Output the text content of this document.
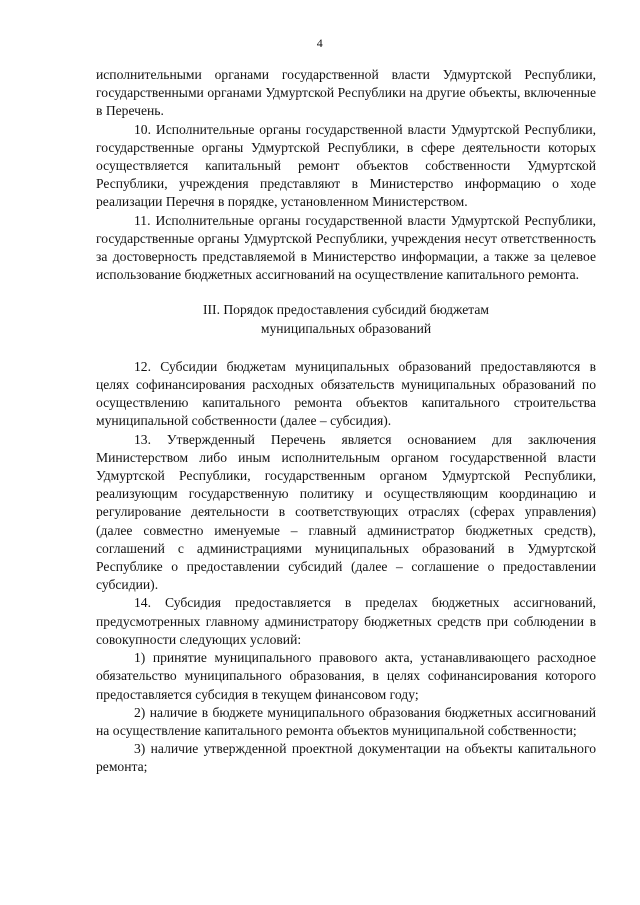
4

исполнительными органами государственной власти Удмуртской Республики, государственными органами Удмуртской Республики на другие объекты, включенные в Перечень.

10. Исполнительные органы государственной власти Удмуртской Республики, государственные органы Удмуртской Республики, в сфере деятельности которых осуществляется капитальный ремонт объектов собственности Удмуртской Республики, учреждения представляют в Министерство информацию о ходе реализации Перечня в порядке, установленном Министерством.

11. Исполнительные органы государственной власти Удмуртской Республики, государственные органы Удмуртской Республики, учреждения несут ответственность за достоверность представляемой в Министерство информации, а также за целевое использование бюджетных ассигнований на осуществление капитального ремонта.

III. Порядок предоставления субсидий бюджетам
муниципальных образований

12. Субсидии бюджетам муниципальных образований предоставляются в целях софинансирования расходных обязательств муниципальных образований по осуществлению капитального ремонта объектов капитального строительства муниципальной собственности (далее – субсидия).

13. Утвержденный Перечень является основанием для заключения Министерством либо иным исполнительным органом государственной власти Удмуртской Республики, государственным органом Удмуртской Республики, реализующим государственную политику и осуществляющим координацию и регулирование деятельности в соответствующих отраслях (сферах управления) (далее совместно именуемые – главный администратор бюджетных средств), соглашений с администрациями муниципальных образований в Удмуртской Республике о предоставлении субсидий (далее – соглашение о предоставлении субсидии).

14. Субсидия предоставляется в пределах бюджетных ассигнований, предусмотренных главному администратору бюджетных средств при соблюдении в совокупности следующих условий:

1) принятие муниципального правового акта, устанавливающего расходное обязательство муниципального образования, в целях софинансирования которого предоставляется субсидия в текущем финансовом году;

2) наличие в бюджете муниципального образования бюджетных ассигнований на осуществление капитального ремонта объектов муниципальной собственности;

3) наличие утвержденной проектной документации на объекты капитального ремонта;
